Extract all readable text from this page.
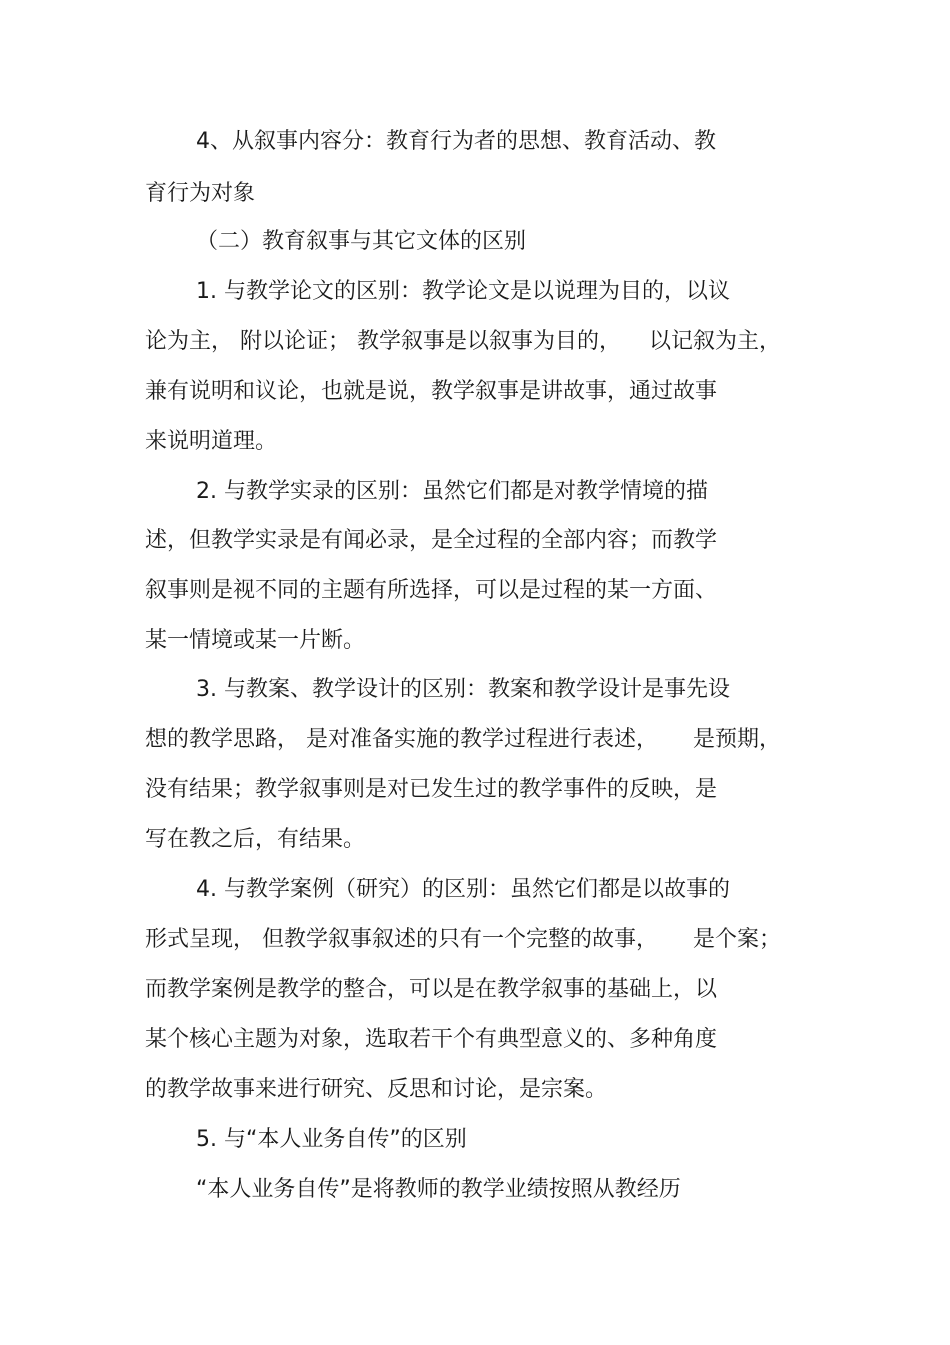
4、从叙事内容分：教育行为者的思想、教育活动、教
育行为对象
（二）教育叙事与其它文体的区别
1. 与教学论文的区别：教学论文是以说理为目的，以议
论为主， 附以论证； 教学叙事是以叙事为目的，    以记叙为主，
兼有说明和议论，也就是说，教学叙事是讲故事，通过故事
来说明道理。
2. 与教学实录的区别：虽然它们都是对教学情境的描
述，但教学实录是有闻必录，是全过程的全部内容；而教学
叙事则是视不同的主题有所选择，可以是过程的某一方面、
某一情境或某一片断。
3. 与教案、教学设计的区别：教案和教学设计是事先设
想的教学思路， 是对准备实施的教学过程进行表述，     是预期，
没有结果；教学叙事则是对已发生过的教学事件的反映，是
写在教之后，有结果。
4. 与教学案例（研究）的区别：虽然它们都是以故事的
形式呈现， 但教学叙事叙述的只有一个完整的故事，     是个案；
而教学案例是教学的整合，可以是在教学叙事的基础上，以
某个核心主题为对象，选取若干个有典型意义的、多种角度
的教学故事来进行研究、反思和讨论，是宗案。
5. 与“本人业务自传”的区别
“本人业务自传”是将教师的教学业绩按照从教经历
